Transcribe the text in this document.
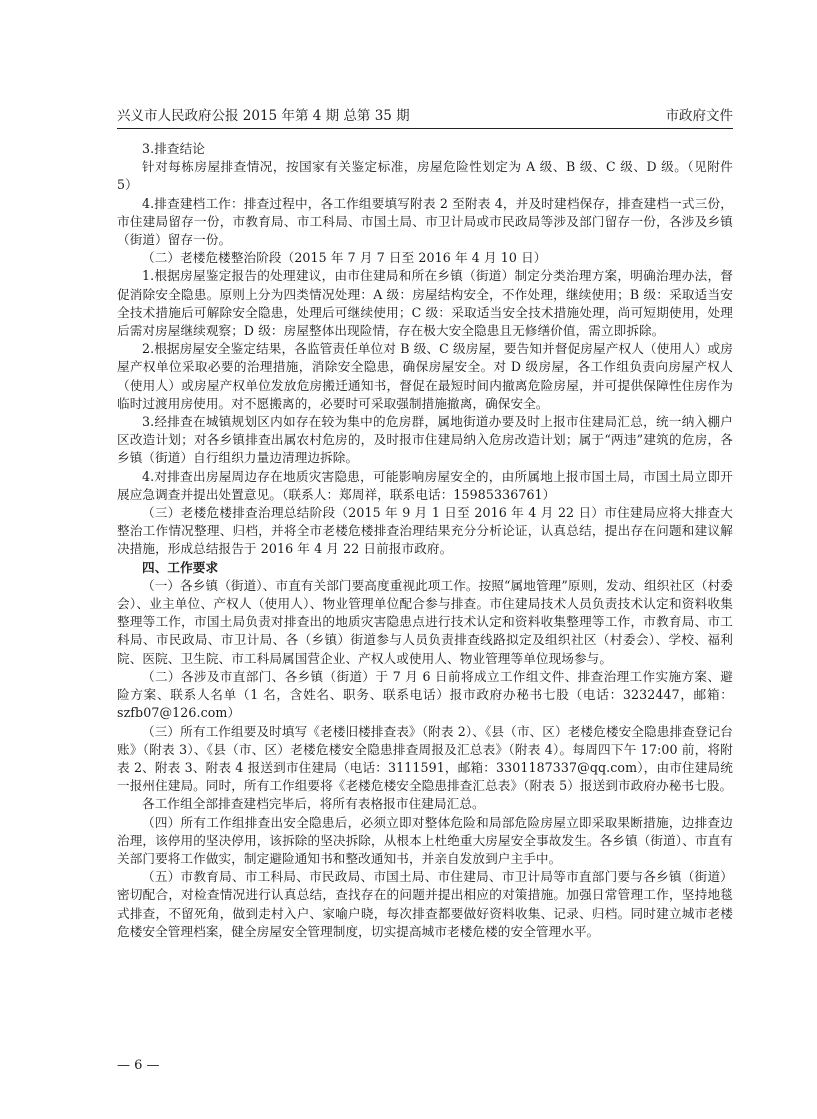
兴义市人民政府公报 2015 年第 4 期 总第 35 期	市政府文件

3.排查结论

针对每栋房屋排查情况，按国家有关鉴定标准，房屋危险性划定为 A 级、B 级、C 级、D 级。（见附件 5）

4.排查建档工作：排查过程中，各工作组要填写附表 2 至附表 4，并及时建档保存，排查建档一式三份，市住建局留存一份，市教育局、市工科局、市国土局、市卫计局或市民政局等涉及部门留存一份，各涉及乡镇（街道）留存一份。

（二）老楼危楼整治阶段（2015 年 7 月 7 日至 2016 年 4 月 10 日）

1.根据房屋鉴定报告的处理建议，由市住建局和所在乡镇（街道）制定分类治理方案，明确治理办法，督促消除安全隐患。原则上分为四类情况处理：A 级：房屋结构安全，不作处理，继续使用；B 级：采取适当安全技术措施后可解除安全隐患，处理后可继续使用；C 级：采取适当安全技术措施处理，尚可短期使用，处理后需对房屋继续观察；D 级：房屋整体出现险情，存在极大安全隐患且无修缮价值，需立即拆除。

2.根据房屋安全鉴定结果，各监管责任单位对 B 级、C 级房屋，要告知并督促房屋产权人（使用人）或房屋产权单位采取必要的治理措施，消除安全隐患，确保房屋安全。对 D 级房屋，各工作组负责向房屋产权人（使用人）或房屋产权单位发放危房搬迁通知书，督促在最短时间内撤离危险房屋，并可提供保障性住房作为临时过渡用房使用。对不愿搬离的，必要时可采取强制措施撤离，确保安全。

3.经排查在城镇规划区内如存在较为集中的危房群，属地街道办要及时上报市住建局汇总，统一纳入棚户区改造计划；对各乡镇排查出属农村危房的，及时报市住建局纳入危房改造计划；属于“两违”建筑的危房，各乡镇（街道）自行组织力量边清理边拆除。

4.对排查出房屋周边存在地质灾害隐患，可能影响房屋安全的，由所属地上报市国土局，市国土局立即开展应急调查并提出处置意见。（联系人：郑周祥，联系电话：15985336761）

（三）老楼危楼排查治理总结阶段（2015 年 9 月 1 日至 2016 年 4 月 22 日）市住建局应将大排查大整治工作情况整理、归档，并将全市老楼危楼排查治理结果充分分析论证，认真总结，提出存在问题和建议解决措施，形成总结报告于 2016 年 4 月 22 日前报市政府。

四、工作要求

（一）各乡镇（街道）、市直有关部门要高度重视此项工作。按照“属地管理”原则，发动、组织社区（村委会）、业主单位、产权人（使用人）、物业管理单位配合参与排查。市住建局技术人员负责技术认定和资料收集整理等工作，市国土局负责对排查出的地质灾害隐患点进行技术认定和资料收集整理等工作，市教育局、市工科局、市民政局、市卫计局、各（乡镇）街道参与人员负责排查线路拟定及组织社区（村委会）、学校、福利院、医院、卫生院、市工科局属国营企业、产权人或使用人、物业管理等单位现场参与。

（二）各涉及市直部门、各乡镇（街道）于 7 月 6 日前将成立工作组文件、排查治理工作实施方案、避险方案、联系人名单（1 名，含姓名、职务、联系电话）报市政府办秘书七股（电话：3232447，邮箱：szfb07@126.com）

（三）所有工作组要及时填写《老楼旧楼排查表》（附表 2）、《县（市、区）老楼危楼安全隐患排查登记台账》（附表 3）、《县（市、区）老楼危楼安全隐患排查周报及汇总表》（附表 4）。每周四下午 17:00 前，将附表 2、附表 3、附表 4 报送到市住建局（电话：3111591，邮箱：3301187337@qq.com），由市住建局统一报州住建局。同时，所有工作组要将《老楼危楼安全隐患排查汇总表》（附表 5）报送到市政府办秘书七股。

各工作组全部排查建档完毕后，将所有表格报市住建局汇总。

（四）所有工作组排查出安全隐患后，必须立即对整体危险和局部危险房屋立即采取果断措施，边排查边治理，该停用的坚决停用，该拆除的坚决拆除，从根本上杜绝重大房屋安全事故发生。各乡镇（街道）、市直有关部门要将工作做实，制定避险通知书和整改通知书，并亲自发放到户主手中。

（五）市教育局、市工科局、市民政局、市国土局、市住建局、市卫计局等市直部门要与各乡镇（街道）密切配合，对检查情况进行认真总结，查找存在的问题并提出相应的对策措施。加强日常管理工作，坚持地毯式排查，不留死角，做到走村入户、家喻户晓，每次排查都要做好资料收集、记录、归档。同时建立城市老楼危楼安全管理档案，健全房屋安全管理制度，切实提高城市老楼危楼的安全管理水平。

— 6 —
